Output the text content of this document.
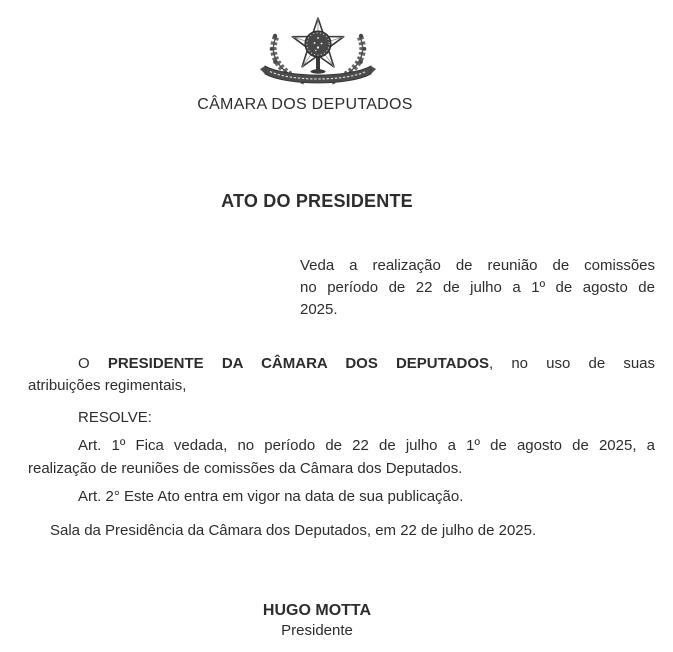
CÂMARA DOS DEPUTADOS
ATO DO PRESIDENTE
Veda a realização de reunião de comissões
no período de 22 de julho a 1º de agosto de
2025.
O PRESIDENTE DA CÂMARA DOS DEPUTADOS, no uso de suas
atribuições regimentais,
RESOLVE:
Art. 1º Fica vedada, no período de 22 de julho a 1º de agosto de 2025, a
realização de reuniões de comissões da Câmara dos Deputados.
Art. 2° Este Ato entra em vigor na data de sua publicação.
Sala da Presidência da Câmara dos Deputados, em 22 de julho de 2025.
HUGO MOTTA
Presidente
